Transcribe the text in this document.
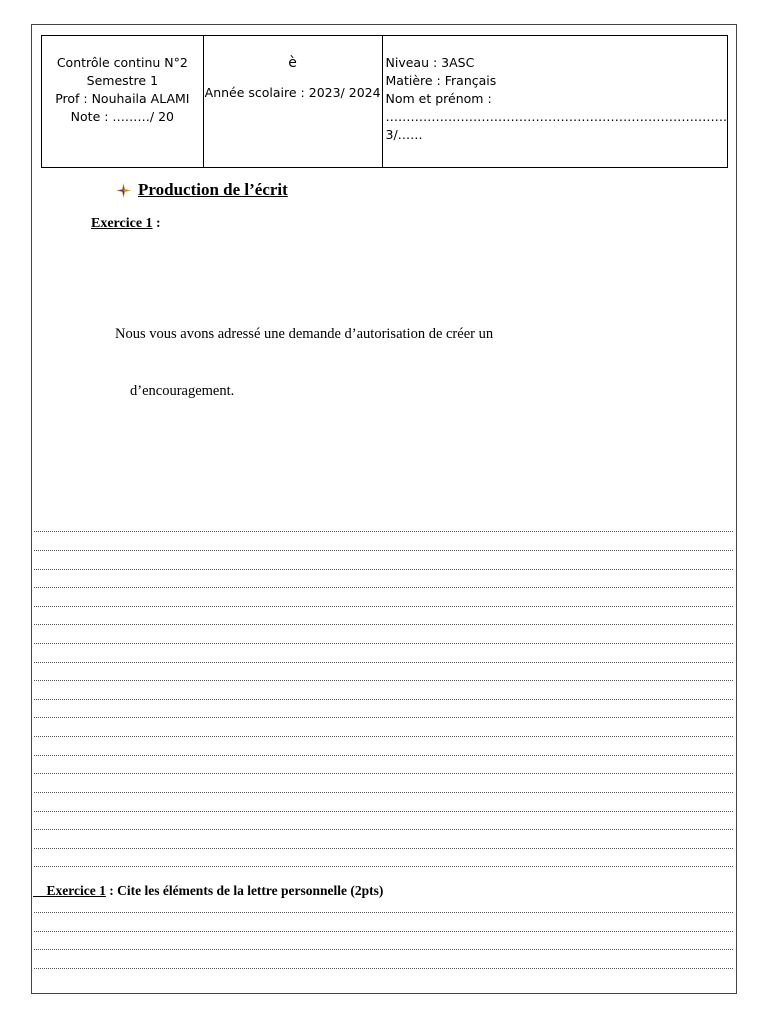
Contrôle continu N°2
Semestre 1
Prof : Nouhaila ALAMI
Note : ………/ 20
è
Année scolaire : 2023/ 2024
Niveau : 3ASC
Matière : Français
Nom et prénom :
……………………………………………………………………….
3/……
Production de l’écrit
Exercice 1 :
Nous vous avons adressé une demande d’autorisation de créer un
d’encouragement.
Exercice 1 : Cite les éléments de la lettre personnelle (2pts)
